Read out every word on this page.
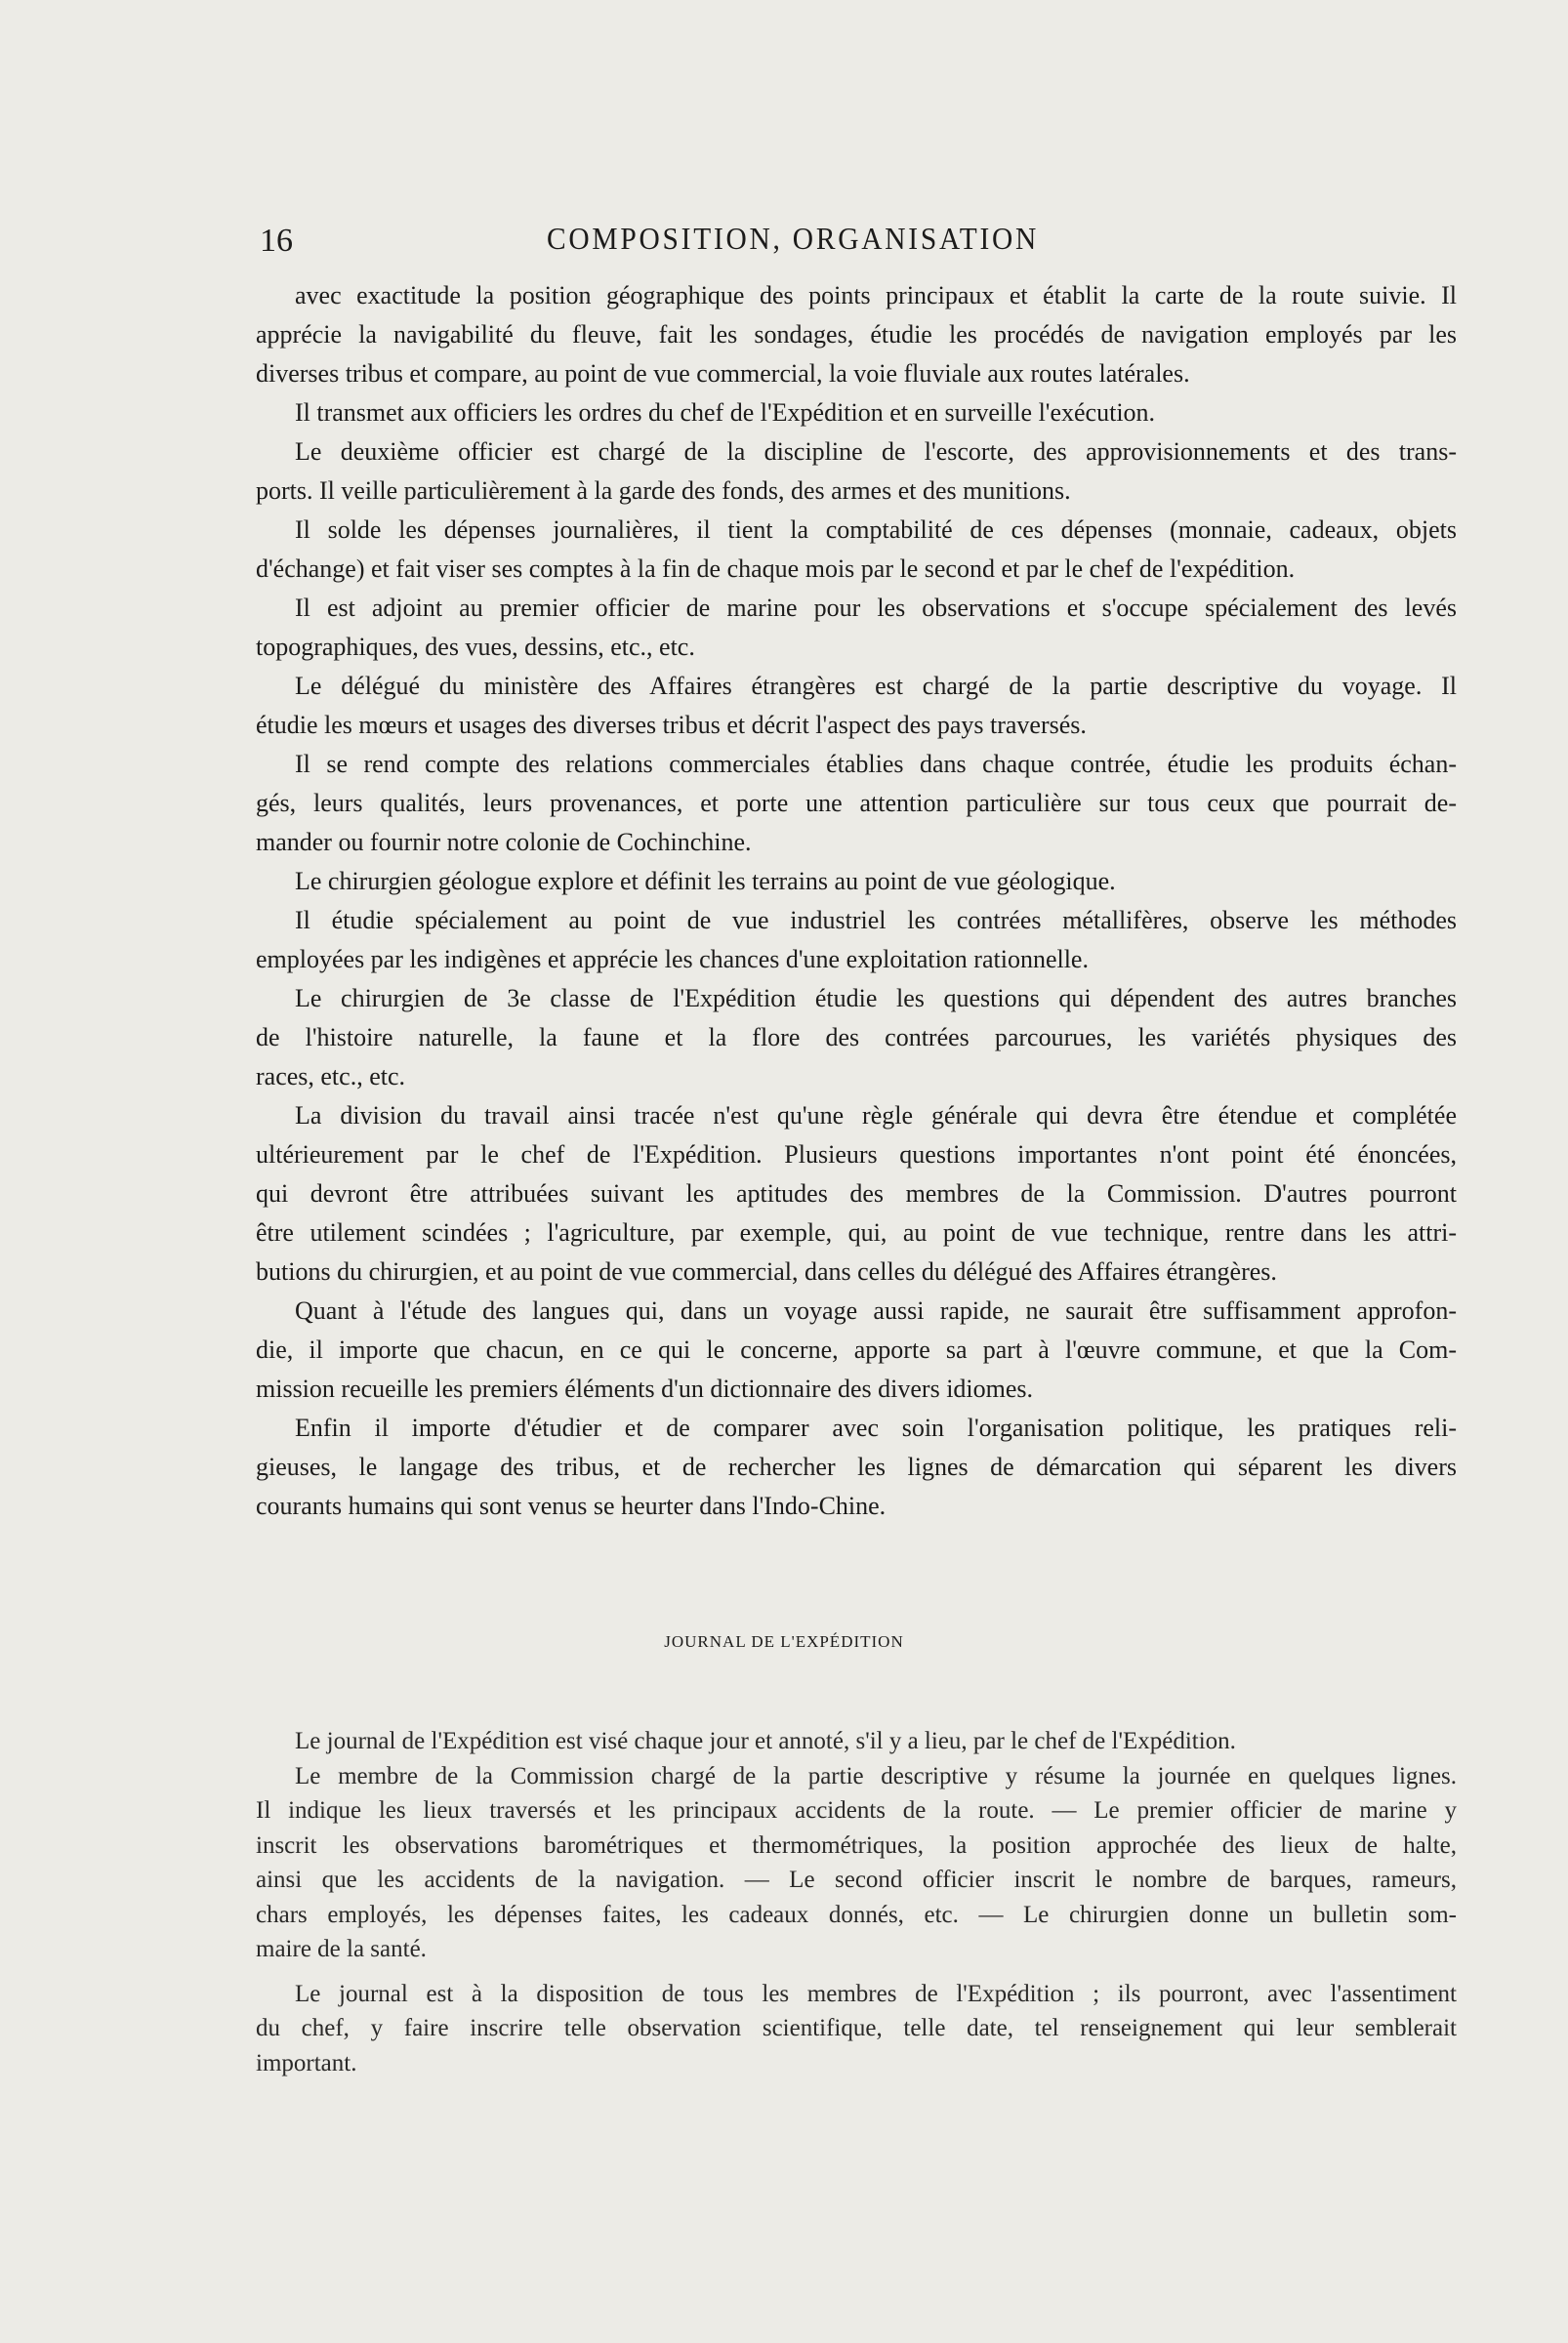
16	COMPOSITION, ORGANISATION
avec exactitude la position géographique des points principaux et établit la carte de la route suivie. Il
apprécie la navigabilité du fleuve, fait les sondages, étudie les procédés de navigation employés par les
diverses tribus et compare, au point de vue commercial, la voie fluviale aux routes latérales.
Il transmet aux officiers les ordres du chef de l'Expédition et en surveille l'exécution.
Le deuxième officier est chargé de la discipline de l'escorte, des approvisionnements et des trans-
ports. Il veille particulièrement à la garde des fonds, des armes et des munitions.
Il solde les dépenses journalières, il tient la comptabilité de ces dépenses (monnaie, cadeaux, objets
d'échange) et fait viser ses comptes à la fin de chaque mois par le second et par le chef de l'expédition.
Il est adjoint au premier officier de marine pour les observations et s'occupe spécialement des levés
topographiques, des vues, dessins, etc., etc.
Le délégué du ministère des Affaires étrangères est chargé de la partie descriptive du voyage. Il
étudie les mœurs et usages des diverses tribus et décrit l'aspect des pays traversés.
Il se rend compte des relations commerciales établies dans chaque contrée, étudie les produits échan-
gés, leurs qualités, leurs provenances, et porte une attention particulière sur tous ceux que pourrait de-
mander ou fournir notre colonie de Cochinchine.
Le chirurgien géologue explore et définit les terrains au point de vue géologique.
Il étudie spécialement au point de vue industriel les contrées métallifères, observe les méthodes
employées par les indigènes et apprécie les chances d'une exploitation rationnelle.
Le chirurgien de 3e classe de l'Expédition étudie les questions qui dépendent des autres branches
de l'histoire naturelle, la faune et la flore des contrées parcourues, les variétés physiques des
races, etc., etc.
La division du travail ainsi tracée n'est qu'une règle générale qui devra être étendue et complétée
ultérieurement par le chef de l'Expédition. Plusieurs questions importantes n'ont point été énoncées,
qui devront être attribuées suivant les aptitudes des membres de la Commission. D'autres pourront
être utilement scindées ; l'agriculture, par exemple, qui, au point de vue technique, rentre dans les attri-
butions du chirurgien, et au point de vue commercial, dans celles du délégué des Affaires étrangères.
Quant à l'étude des langues qui, dans un voyage aussi rapide, ne saurait être suffisamment approfon-
die, il importe que chacun, en ce qui le concerne, apporte sa part à l'œuvre commune, et que la Com-
mission recueille les premiers éléments d'un dictionnaire des divers idiomes.
Enfin il importe d'étudier et de comparer avec soin l'organisation politique, les pratiques reli-
gieuses, le langage des tribus, et de rechercher les lignes de démarcation qui séparent les divers
courants humains qui sont venus se heurter dans l'Indo-Chine.
JOURNAL DE L'EXPÉDITION
Le journal de l'Expédition est visé chaque jour et annoté, s'il y a lieu, par le chef de l'Expédition.
Le membre de la Commission chargé de la partie descriptive y résume la journée en quelques lignes.
Il indique les lieux traversés et les principaux accidents de la route. — Le premier officier de marine y
inscrit les observations barométriques et thermométriques, la position approchée des lieux de halte,
ainsi que les accidents de la navigation. — Le second officier inscrit le nombre de barques, rameurs,
chars employés, les dépenses faites, les cadeaux donnés, etc. — Le chirurgien donne un bulletin som-
maire de la santé.
Le journal est à la disposition de tous les membres de l'Expédition ; ils pourront, avec l'assentiment
du chef, y faire inscrire telle observation scientifique, telle date, tel renseignement qui leur semblerait
important.
